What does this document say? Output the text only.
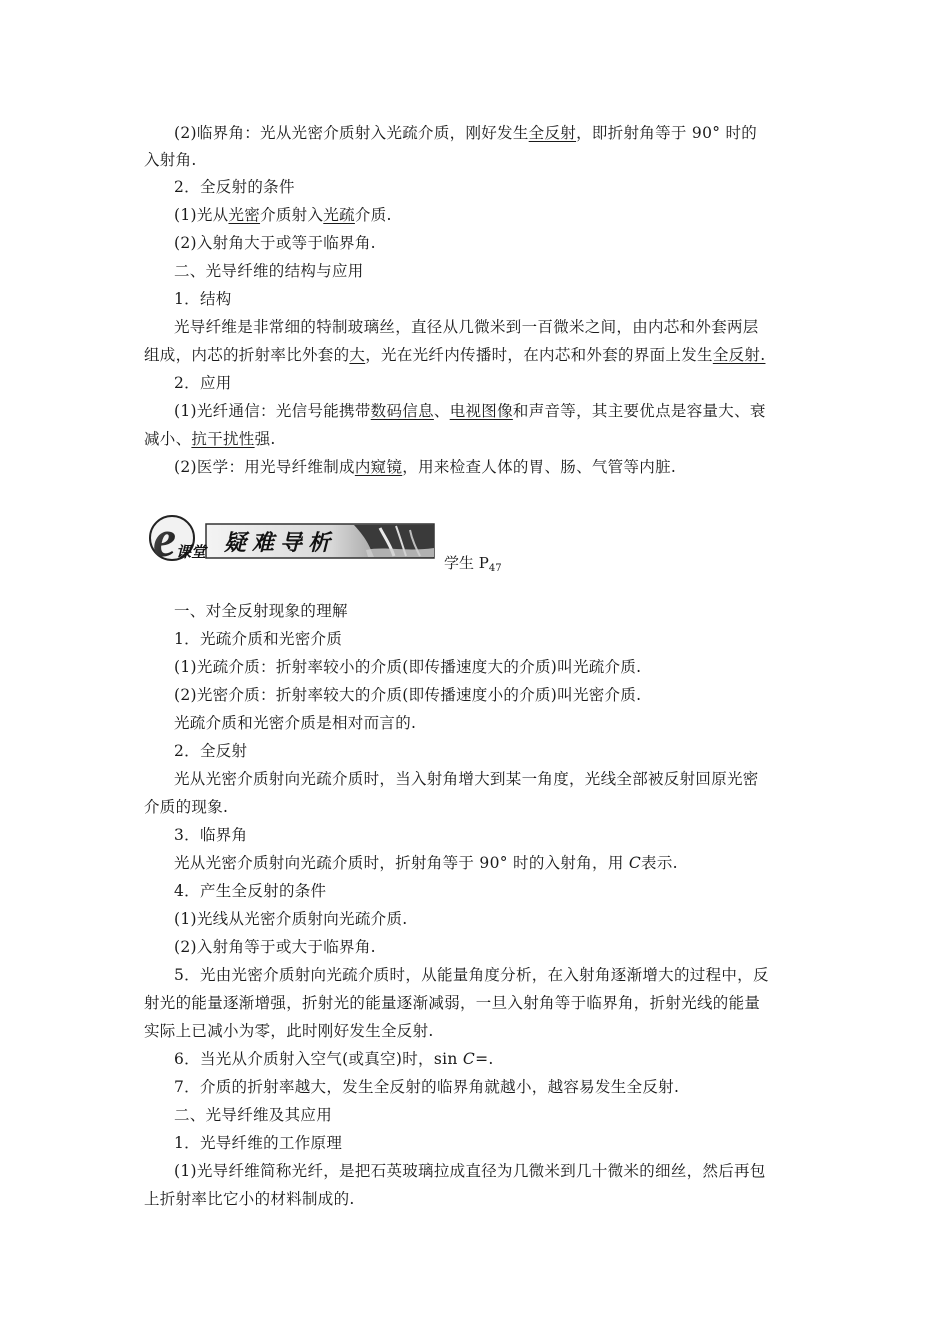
(2)临界角：光从光密介质射入光疏介质，刚好发生全反射，即折射角等于 90° 时的
入射角.
2．全反射的条件
(1)光从光密介质射入光疏介质.
(2)入射角大于或等于临界角.
二、光导纤维的结构与应用
1．结构
光导纤维是非常细的特制玻璃丝，直径从几微米到一百微米之间，由内芯和外套两层
组成，内芯的折射率比外套的大，光在光纤内传播时，在内芯和外套的界面上发生全反射.
2．应用
(1)光纤通信：光信号能携带数码信息、电视图像和声音等，其主要优点是容量大、衰
减小、抗干扰性强.
(2)医学：用光导纤维制成内窥镜，用来检查人体的胃、肠、气管等内脏.
e 课堂 疑难导析
学生 $P_{47}$
一、对全反射现象的理解
1．光疏介质和光密介质
(1)光疏介质：折射率较小的介质(即传播速度大的介质)叫光疏介质.
(2)光密介质：折射率较大的介质(即传播速度小的介质)叫光密介质.
光疏介质和光密介质是相对而言的.
2．全反射
光从光密介质射向光疏介质时，当入射角增大到某一角度，光线全部被反射回原光密
介质的现象.
3．临界角
光从光密介质射向光疏介质时，折射角等于 90° 时的入射角，用 C表示.
4．产生全反射的条件
(1)光线从光密介质射向光疏介质.
(2)入射角等于或大于临界角.
5．光由光密介质射向光疏介质时，从能量角度分析，在入射角逐渐增大的过程中，反
射光的能量逐渐增强，折射光的能量逐渐减弱，一旦入射角等于临界角，折射光线的能量
实际上已减小为零，此时刚好发生全反射.
6．当光从介质射入空气(或真空)时，sin C=.
7．介质的折射率越大，发生全反射的临界角就越小，越容易发生全反射.
二、光导纤维及其应用
1．光导纤维的工作原理
(1)光导纤维简称光纤，是把石英玻璃拉成直径为几微米到几十微米的细丝，然后再包
上折射率比它小的材料制成的.
